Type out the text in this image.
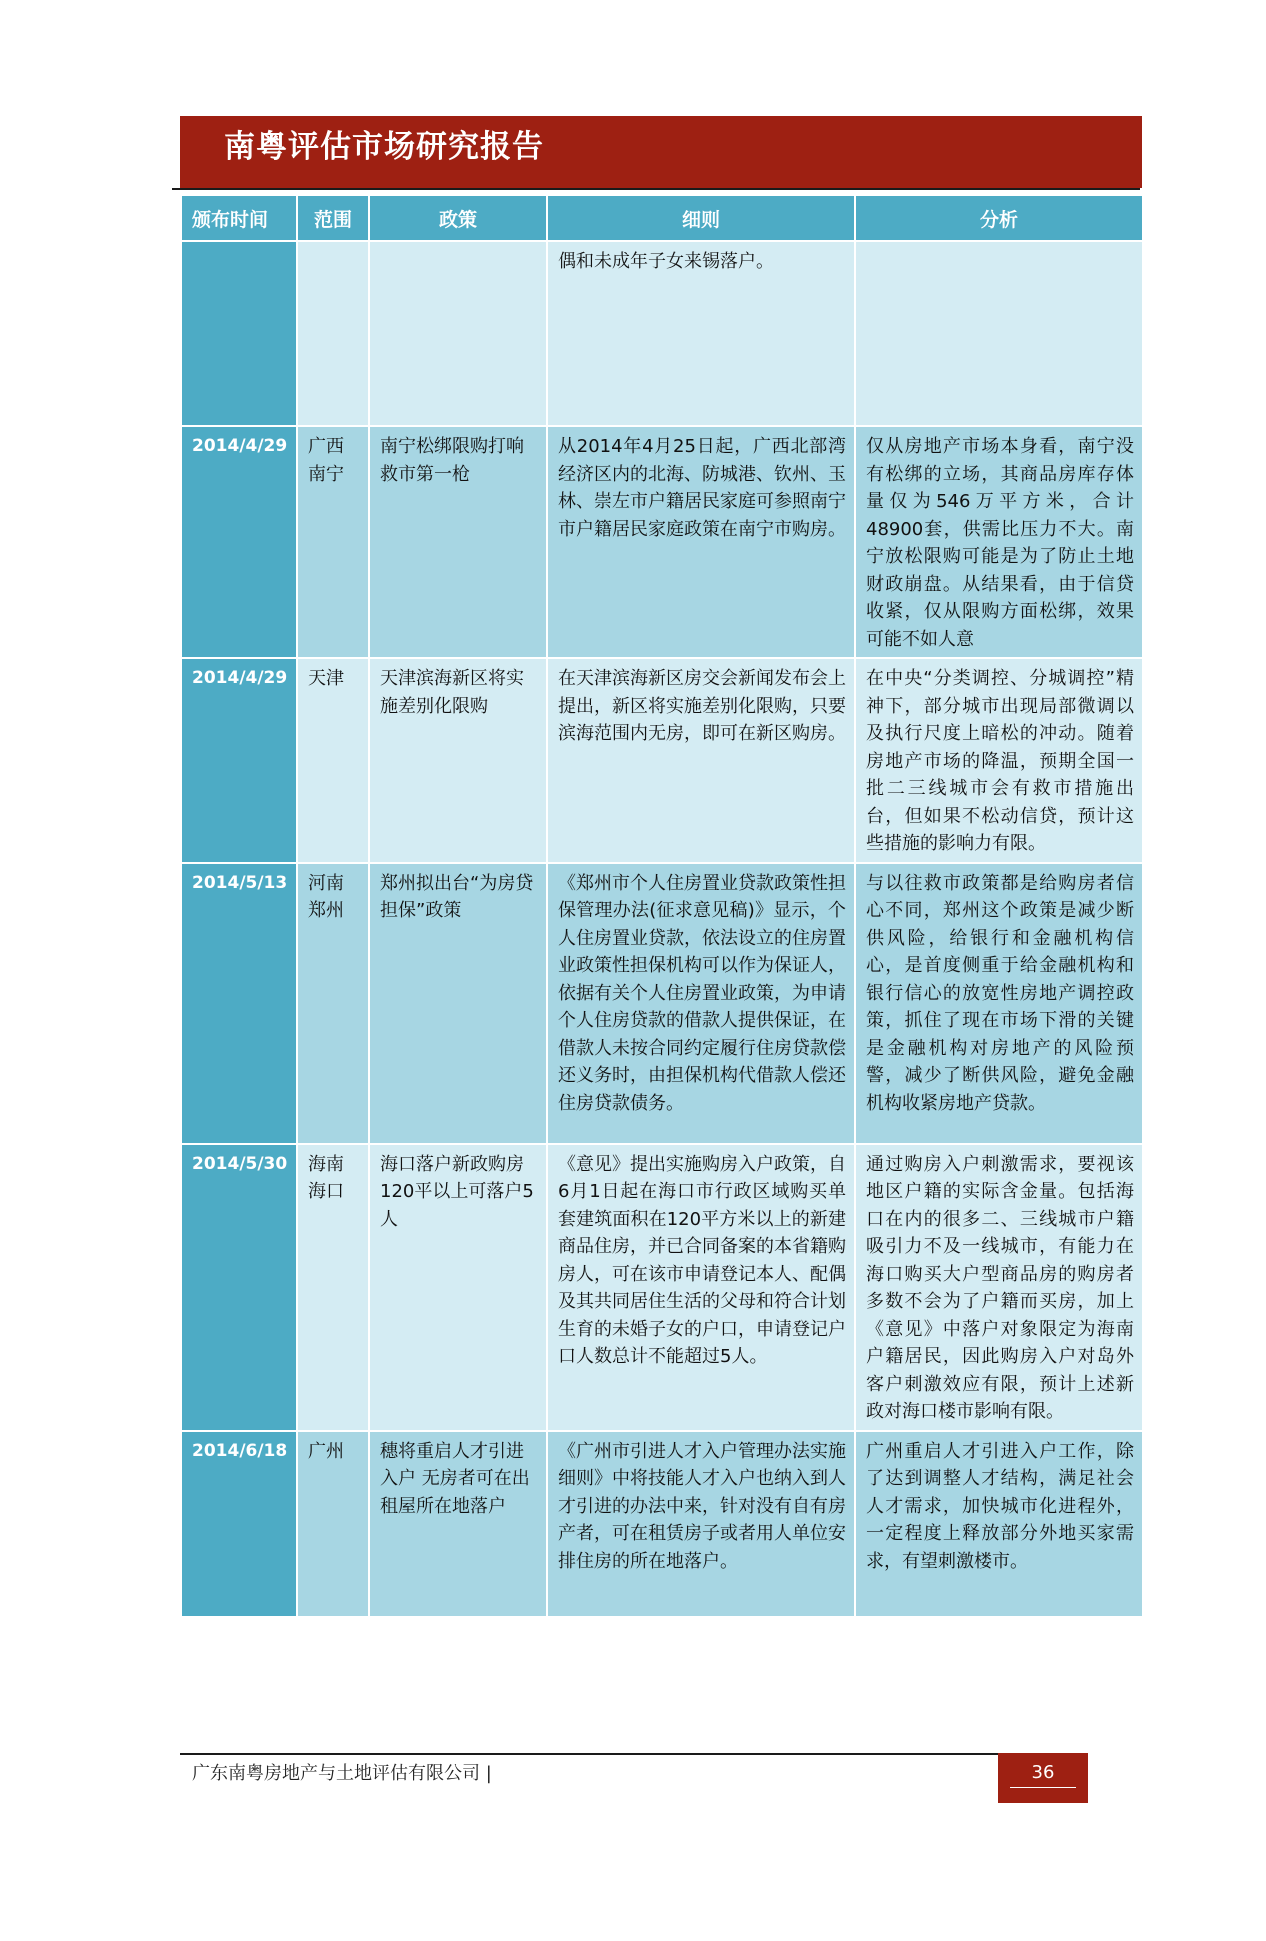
南粤评估市场研究报告
颁布时间	范围	政策	细则	分析
			偶和未成年子女来锡落户。	
2014/4/29	广西南宁	南宁松绑限购打响救市第一枪	从2014年4月25日起，广西北部湾经济区内的北海、防城港、钦州、玉林、崇左市户籍居民家庭可参照南宁市户籍居民家庭政策在南宁市购房。	仅从房地产市场本身看，南宁没有松绑的立场，其商品房库存体量仅为546万平方米，合计48900套，供需比压力不大。南宁放松限购可能是为了防止土地财政崩盘。从结果看，由于信贷收紧，仅从限购方面松绑，效果可能不如人意
2014/4/29	天津	天津滨海新区将实施差别化限购	在天津滨海新区房交会新闻发布会上提出，新区将实施差别化限购，只要滨海范围内无房，即可在新区购房。	在中央“分类调控、分城调控”精神下，部分城市出现局部微调以及执行尺度上暗松的冲动。随着房地产市场的降温，预期全国一批二三线城市会有救市措施出台，但如果不松动信贷，预计这些措施的影响力有限。
2014/5/13	河南郑州	郑州拟出台“为房贷担保”政策	《郑州市个人住房置业贷款政策性担保管理办法(征求意见稿)》显示，个人住房置业贷款，依法设立的住房置业政策性担保机构可以作为保证人，依据有关个人住房置业政策，为申请个人住房贷款的借款人提供保证，在借款人未按合同约定履行住房贷款偿还义务时，由担保机构代借款人偿还住房贷款债务。	与以往救市政策都是给购房者信心不同，郑州这个政策是减少断供风险，给银行和金融机构信心，是首度侧重于给金融机构和银行信心的放宽性房地产调控政策，抓住了现在市场下滑的关键是金融机构对房地产的风险预警，减少了断供风险，避免金融机构收紧房地产贷款。
2014/5/30	海南海口	海口落户新政购房120平以上可落户5人	《意见》提出实施购房入户政策，自6月1日起在海口市行政区域购买单套建筑面积在120平方米以上的新建商品住房，并已合同备案的本省籍购房人，可在该市申请登记本人、配偶及其共同居住生活的父母和符合计划生育的未婚子女的户口，申请登记户口人数总计不能超过5人。	通过购房入户刺激需求，要视该地区户籍的实际含金量。包括海口在内的很多二、三线城市户籍吸引力不及一线城市，有能力在海口购买大户型商品房的购房者多数不会为了户籍而买房，加上《意见》中落户对象限定为海南户籍居民，因此购房入户对岛外客户刺激效应有限，预计上述新政对海口楼市影响有限。
2014/6/18	广州	穗将重启人才引进入户 无房者可在出租屋所在地落户	《广州市引进人才入户管理办法实施细则》中将技能人才入户也纳入到人才引进的办法中来，针对没有自有房产者，可在租赁房子或者用人单位安排住房的所在地落户。	广州重启人才引进入户工作，除了达到调整人才结构，满足社会人才需求，加快城市化进程外，一定程度上释放部分外地买家需求，有望刺激楼市。
广东南粤房地产与土地评估有限公司 |	36
